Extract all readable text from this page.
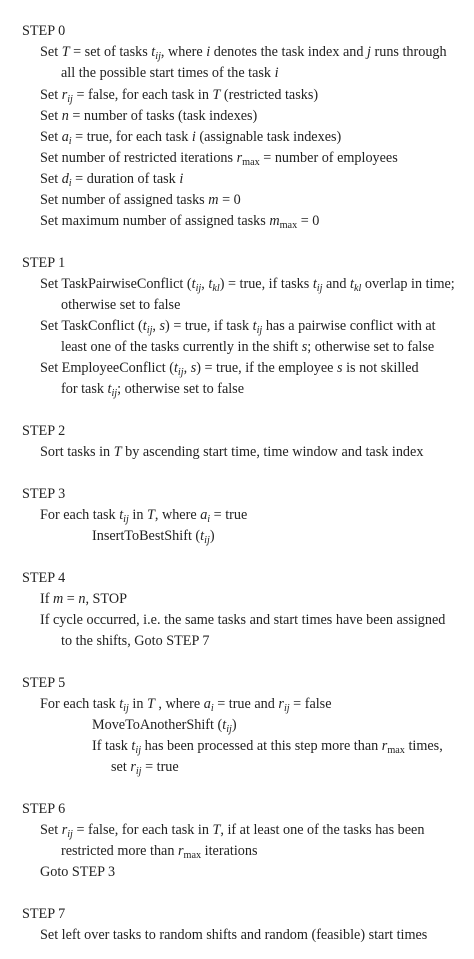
STEP 0
Set T = set of tasks $t_{ij}$, where i denotes the task index and j runs through
all the possible start times of the task i
Set $r_{ij}$ = false, for each task in T (restricted tasks)
Set n = number of tasks (task indexes)
Set $a_i$ = true, for each task i (assignable task indexes)
Set number of restricted iterations $r_{max}$ = number of employees
Set $d_i$ = duration of task i
Set number of assigned tasks m = 0
Set maximum number of assigned tasks $m_{max} = 0$
STEP 1
Set TaskPairwiseConflict ($t_{ij}$, $t_{kl}$) = true, if tasks $t_{ij}$ and $t_{kl}$ overlap in time;
otherwise set to false
Set TaskConflict ($t_{ij}$, s) = true, if task $t_{ij}$ has a pairwise conflict with at
least one of the tasks currently in the shift s; otherwise set to false
Set EmployeeConflict ($t_{ij}$, s) = true, if the employee s is not skilled
for task $t_{ij}$; otherwise set to false
STEP 2
Sort tasks in T by ascending start time, time window and task index
STEP 3
For each task $t_{ij}$ in T, where $a_i$ = true
InsertToBestShift $(t_{ij})$
STEP 4
If m = n, STOP
If cycle occurred, i.e. the same tasks and start times have been assigned
to the shifts, Goto STEP 7
STEP 5
For each task $t_{ij}$ in T , where $a_i$ = true and $r_{ij}$ = false
MoveToAnotherShift $(t_{ij})$
If task $t_{ij}$ has been processed at this step more than $r_{max}$ times,
set $r_{ij}$ = true
STEP 6
Set $r_{ij}$ = false, for each task in T, if at least one of the tasks has been
restricted more than $r_{max}$ iterations
Goto STEP 3
STEP 7
Set left over tasks to random shifts and random (feasible) start times
